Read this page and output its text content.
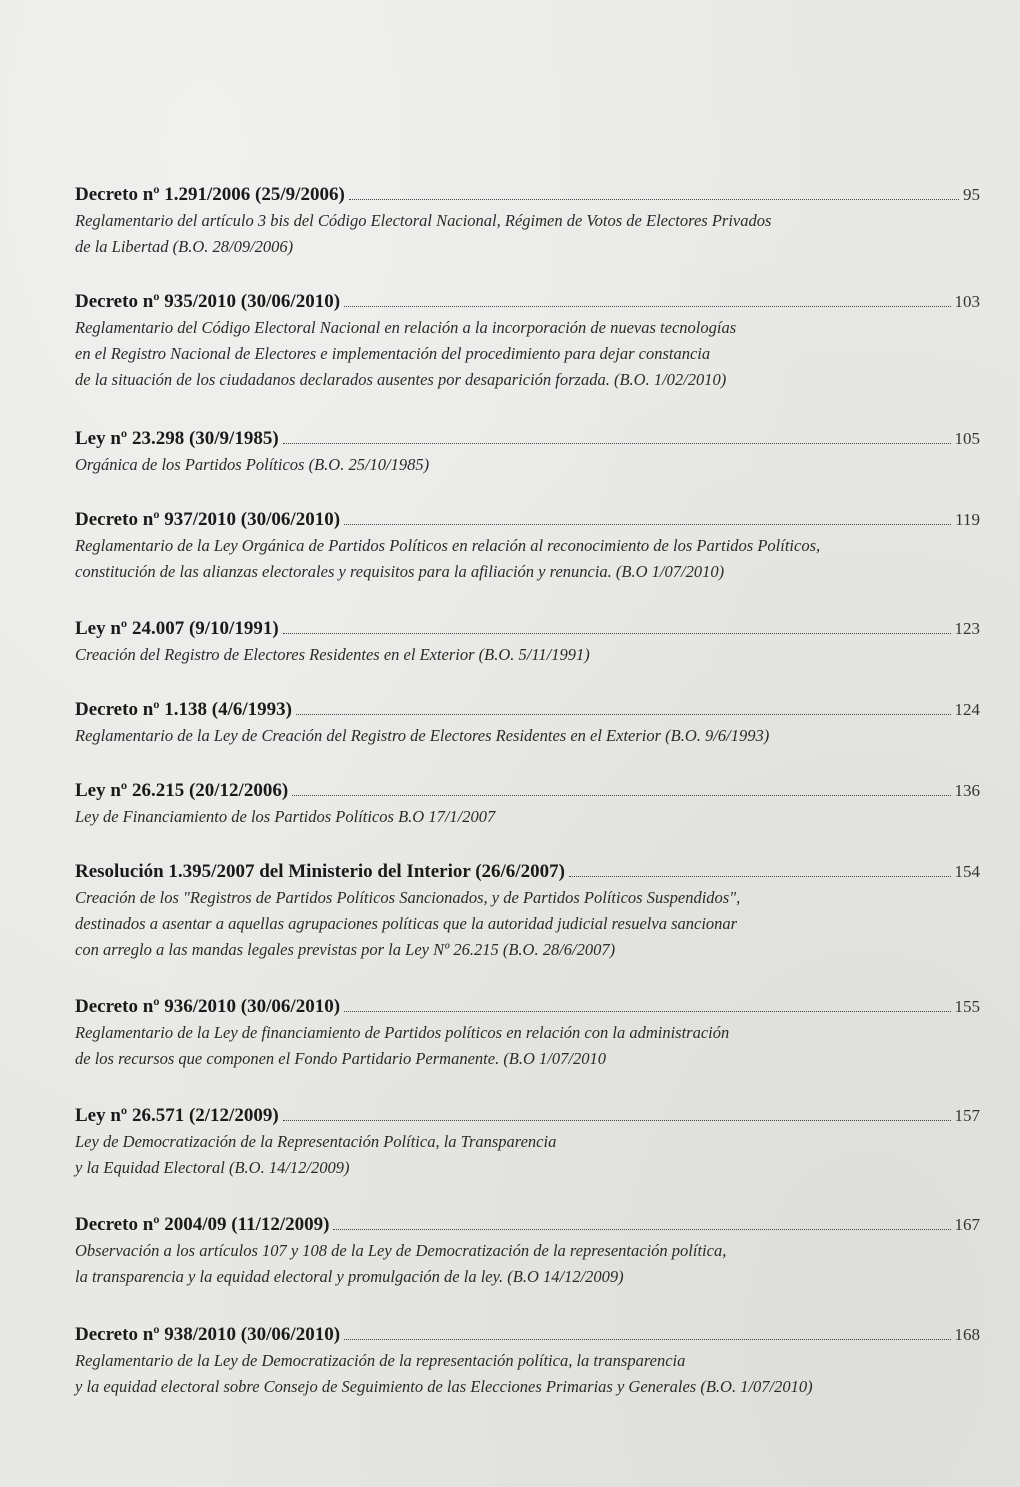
Decreto nº 1.291/2006 (25/9/2006)	95
Reglamentario del artículo 3 bis del Código Electoral Nacional, Régimen de Votos de Electores Privados
de la Libertad (B.O. 28/09/2006)
Decreto nº 935/2010 (30/06/2010)	103
Reglamentario del Código Electoral Nacional en relación a la incorporación de nuevas tecnologías
en el Registro Nacional de Electores e implementación del procedimiento para dejar constancia
de la situación de los ciudadanos declarados ausentes por desaparición forzada. (B.O. 1/02/2010)
Ley nº 23.298 (30/9/1985)	105
Orgánica de los Partidos Políticos (B.O. 25/10/1985)
Decreto nº 937/2010 (30/06/2010)	119
Reglamentario de la Ley Orgánica de Partidos Políticos en relación al reconocimiento de los Partidos Políticos,
constitución de las alianzas electorales y requisitos para la afiliación y renuncia. (B.O 1/07/2010)
Ley nº 24.007 (9/10/1991)	123
Creación del Registro de Electores Residentes en el Exterior (B.O. 5/11/1991)
Decreto nº 1.138 (4/6/1993)	124
Reglamentario de la Ley de Creación del Registro de Electores Residentes en el Exterior (B.O. 9/6/1993)
Ley nº 26.215 (20/12/2006)	136
Ley de Financiamiento de los Partidos Políticos B.O 17/1/2007
Resolución 1.395/2007 del Ministerio del Interior (26/6/2007)	154
Creación de los "Registros de Partidos Políticos Sancionados, y de Partidos Políticos Suspendidos",
destinados a asentar a aquellas agrupaciones políticas que la autoridad judicial resuelva sancionar
con arreglo a las mandas legales previstas por la Ley Nº 26.215 (B.O. 28/6/2007)
Decreto nº 936/2010 (30/06/2010)	155
Reglamentario de la Ley de financiamiento de Partidos políticos en relación con la administración
de los recursos que componen el Fondo Partidario Permanente. (B.O 1/07/2010
Ley nº 26.571 (2/12/2009)	157
Ley de Democratización de la Representación Política, la Transparencia
y la Equidad Electoral (B.O. 14/12/2009)
Decreto nº 2004/09 (11/12/2009)	167
Observación a los artículos 107 y 108 de la Ley de Democratización de la representación política,
la transparencia y la equidad electoral y promulgación de la ley. (B.O 14/12/2009)
Decreto nº 938/2010 (30/06/2010)	168
Reglamentario de la Ley de Democratización de la representación política, la transparencia
y la equidad electoral sobre Consejo de Seguimiento de las Elecciones Primarias y Generales (B.O. 1/07/2010)
